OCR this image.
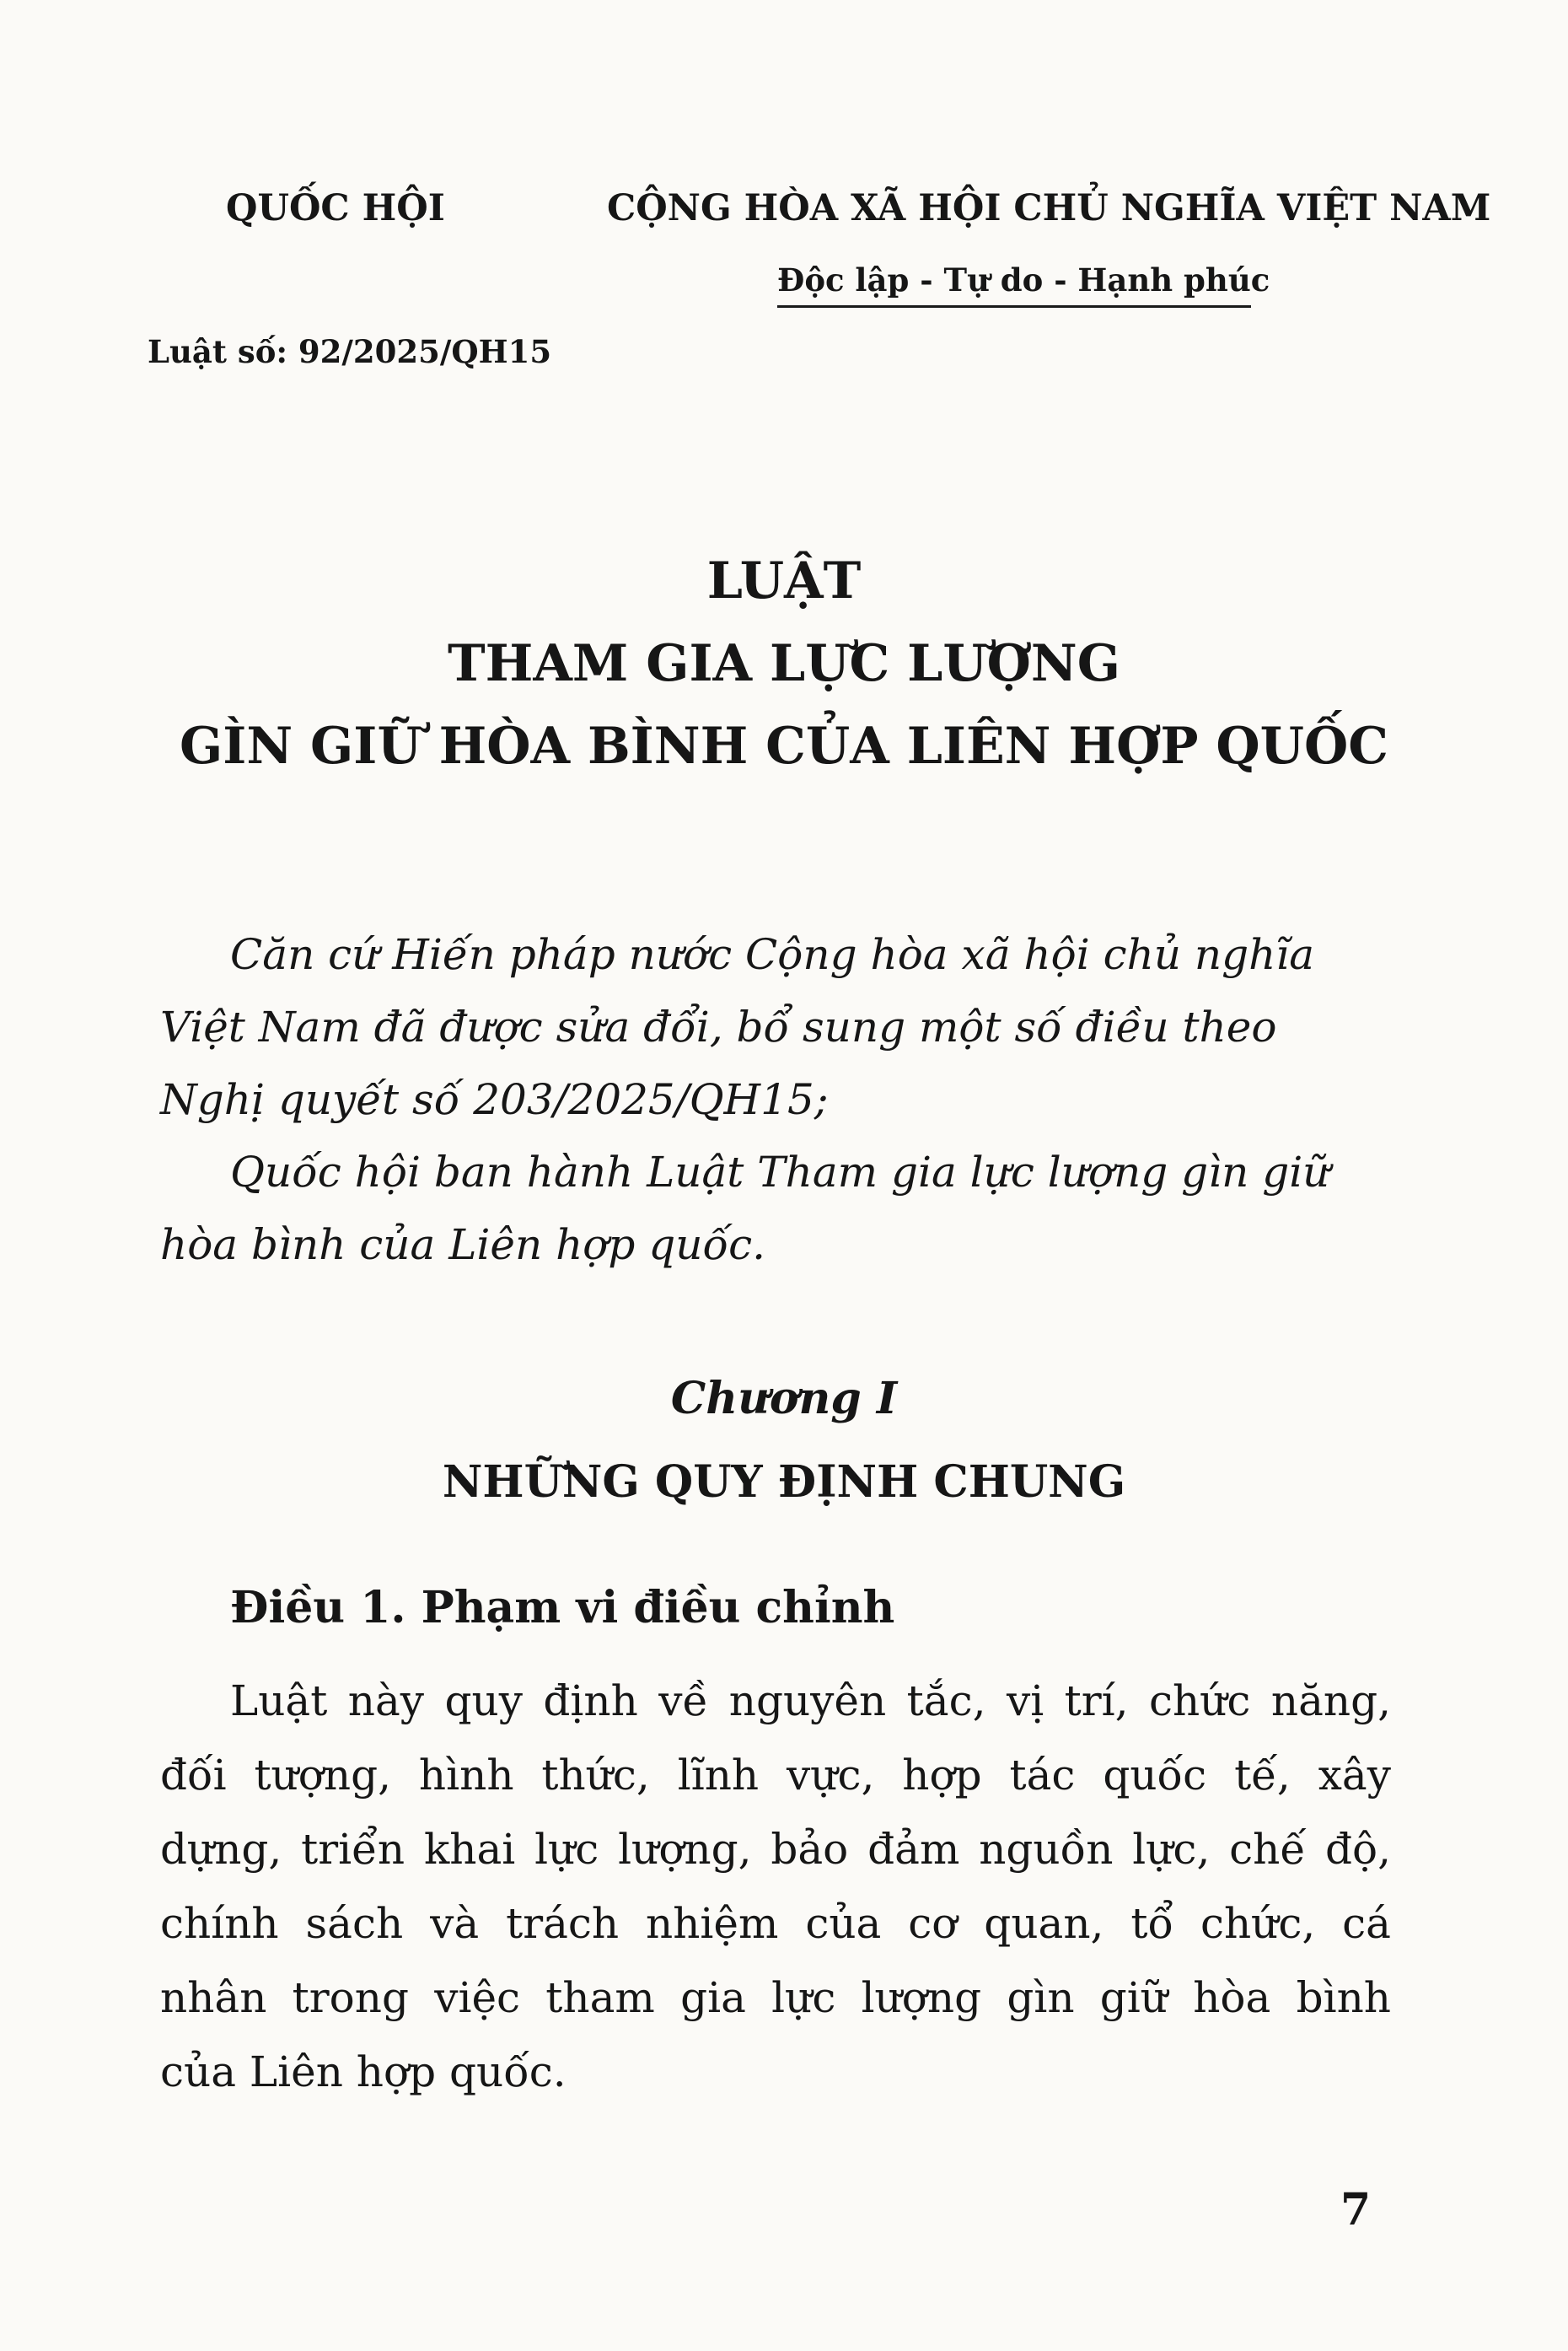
QUỐC HỘI	CỘNG HÒA XÃ HỘI CHỦ NGHĨA VIỆT NAM
Độc lập - Tự do - Hạnh phúc
Luật số: 92/2025/QH15
LUẬT
THAM GIA LỰC LƯỢNG
GÌN GIỮ HÒA BÌNH CỦA LIÊN HỢP QUỐC
Căn cứ Hiến pháp nước Cộng hòa xã hội chủ nghĩa
Việt Nam đã được sửa đổi, bổ sung một số điều theo
Nghị quyết số 203/2025/QH15;
Quốc hội ban hành Luật Tham gia lực lượng gìn giữ
hòa bình của Liên hợp quốc.
Chương I
NHỮNG QUY ĐỊNH CHUNG
Điều 1. Phạm vi điều chỉnh
Luật này quy định về nguyên tắc, vị trí, chức năng,
đối tượng, hình thức, lĩnh vực, hợp tác quốc tế, xây
dựng, triển khai lực lượng, bảo đảm nguồn lực, chế độ,
chính sách và trách nhiệm của cơ quan, tổ chức, cá
nhân trong việc tham gia lực lượng gìn giữ hòa bình
của Liên hợp quốc.
7
